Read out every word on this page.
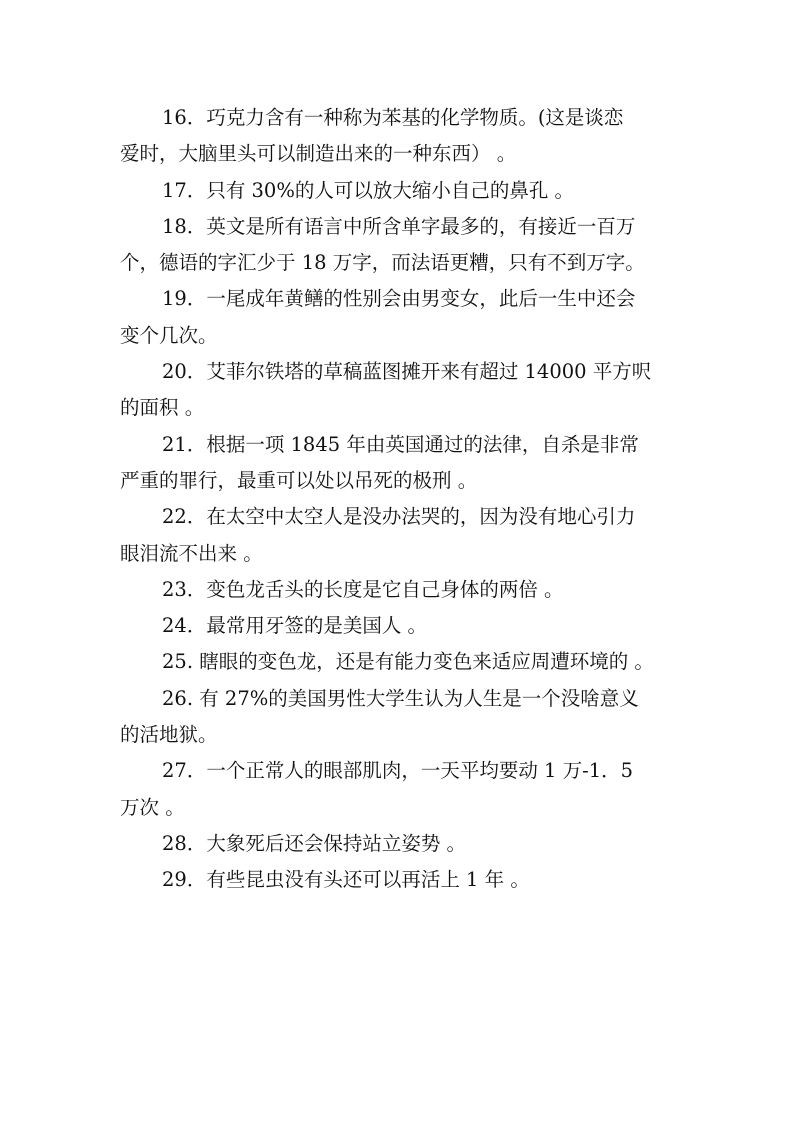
16．巧克力含有一种称为苯基的化学物质。(这是谈恋
爱时，大脑里头可以制造出来的一种东西） 。
17．只有 30%的人可以放大缩小自己的鼻孔 。
18．英文是所有语言中所含单字最多的，有接近一百万
个，德语的字汇少于 18 万字，而法语更糟，只有不到万字。
19．一尾成年黄鳝的性别会由男变女，此后一生中还会
变个几次。
20．艾菲尔铁塔的草稿蓝图摊开来有超过 14000 平方呎
的面积 。
21．根据一项 1845 年由英国通过的法律，自杀是非常
严重的罪行，最重可以处以吊死的极刑 。
22．在太空中太空人是没办法哭的，因为没有地心引力
眼泪流不出来 。
23．变色龙舌头的长度是它自己身体的两倍 。
24．最常用牙签的是美国人 。
25. 瞎眼的变色龙，还是有能力变色来适应周遭环境的 。
26. 有 27%的美国男性大学生认为人生是一个没啥意义
的活地狱。
27．一个正常人的眼部肌肉，一天平均要动 1 万-1．5
万次 。
28．大象死后还会保持站立姿势 。
29．有些昆虫没有头还可以再活上 1 年 。
